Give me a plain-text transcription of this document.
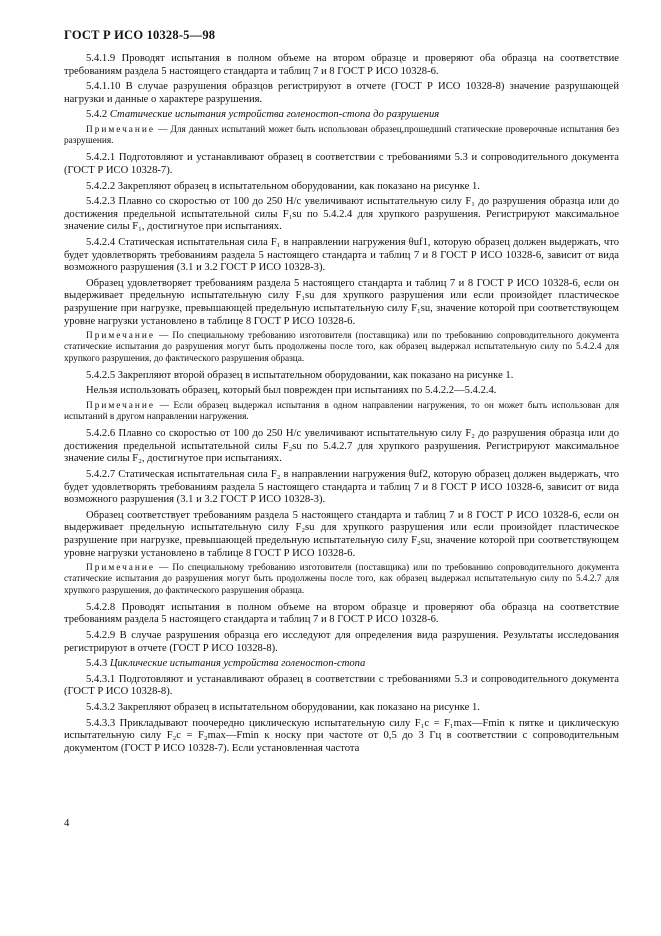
ГОСТ Р ИСО 10328-5—98

5.4.1.9 Проводят испытания в полном объеме на втором образце и проверяют оба образца на соответствие требованиям раздела 5 настоящего стандарта и таблиц 7 и 8 ГОСТ Р ИСО 10328-6.

5.4.1.10 В случае разрушения образцов регистрируют в отчете (ГОСТ Р ИСО 10328-8) значение разрушающей нагрузки и данные о характере разрушения.

5.4.2 Статические испытания устройства голеностоп-стопа до разрушения

Примечание — Для данных испытаний может быть использован образец,прошедший статические проверочные испытания без разрушения.

5.4.2.1 Подготовляют и устанавливают образец в соответствии с требованиями 5.3 и сопроводительного документа (ГОСТ Р ИСО 10328-7).

5.4.2.2 Закрепляют образец в испытательном оборудовании, как показано на рисунке 1.

5.4.2.3 Плавно со скоростью от 100 до 250 Н/с увеличивают испытательную силу F₁ до разрушения образца или до достижения предельной испытательной силы F₁su по 5.4.2.4 для хрупкого разрушения. Регистрируют максимальное значение силы F₁, достигнутое при испытаниях.

5.4.2.4 Статическая испытательная сила F₁ в направлении нагружения θuf1, которую образец должен выдержать, что будет удовлетворять требованиям раздела 5 настоящего стандарта и таблиц 7 и 8 ГОСТ Р ИСО 10328-6, зависит от вида возможного разрушения (3.1 и 3.2 ГОСТ Р ИСО 10328-3).

Образец удовлетворяет требованиям раздела 5 настоящего стандарта и таблиц 7 и 8 ГОСТ Р ИСО 10328-6, если он выдерживает предельную испытательную силу F₁su для хрупкого разрушения или если произойдет пластическое разрушение при нагрузке, превышающей предельную испытательную силу F₁su, значение которой при соответствующем уровне нагрузки установлено в таблице 8 ГОСТ Р ИСО 10328-6.

Примечание — По специальному требованию изготовителя (поставщика) или по требованию сопроводительного документа статические испытания до разрушения могут быть продолжены после того, как образец выдержал испытательную силу по 5.4.2.4 для хрупкого разрушения, до фактического разрушения образца.

5.4.2.5 Закрепляют второй образец в испытательном оборудовании, как показано на рисунке 1.

Нельзя использовать образец, который был поврежден при испытаниях по 5.4.2.2—5.4.2.4.

Примечание — Если образец выдержал испытания в одном направлении нагружения, то он может быть использован для испытаний в другом направлении нагружения.

5.4.2.6 Плавно со скоростью от 100 до 250 Н/с увеличивают испытательную силу F₂ до разрушения образца или до достижения предельной испытательной силы F₂su по 5.4.2.7 для хрупкого разрушения. Регистрируют максимальное значение силы F₂, достигнутое при испытаниях.

5.4.2.7 Статическая испытательная сила F₂ в направлении нагружения θuf2, которую образец должен выдержать, что будет удовлетворять требованиям раздела 5 настоящего стандарта и таблиц 7 и 8 ГОСТ Р ИСО 10328-6, зависит от вида возможного разрушения (3.1 и 3.2 ГОСТ Р ИСО 10328-3).

Образец соответствует требованиям раздела 5 настоящего стандарта и таблиц 7 и 8 ГОСТ Р ИСО 10328-6, если он выдерживает предельную испытательную силу F₂su для хрупкого разрушения или если произойдет пластическое разрушение при нагрузке, превышающей предельную испытательную силу F₂su, значение которой при соответствующем уровне нагрузки установлено в таблице 8 ГОСТ Р ИСО 10328-6.

Примечание — По специальному требованию изготовителя (поставщика) или по требованию сопроводительного документа статические испытания до разрушения могут быть продолжены после того, как образец выдержал испытательную силу по 5.4.2.7 для хрупкого разрушения, до фактического разрушения образца.

5.4.2.8 Проводят испытания в полном объеме на втором образце и проверяют оба образца на соответствие требованиям раздела 5 настоящего стандарта и таблиц 7 и 8 ГОСТ Р ИСО 10328-6.

5.4.2.9 В случае разрушения образца его исследуют для определения вида разрушения. Результаты исследования регистрируют в отчете (ГОСТ Р ИСО 10328-8).

5.4.3 Циклические испытания устройства голеностоп-стопа

5.4.3.1 Подготовляют и устанавливают образец в соответствии с требованиями 5.3 и сопроводительного документа (ГОСТ Р ИСО 10328-8).

5.4.3.2 Закрепляют образец в испытательном оборудовании, как показано на рисунке 1.

5.4.3.3 Прикладывают поочередно циклическую испытательную силу F₁c = F₁max—Fmin к пятке и циклическую испытательную силу F₂c = F₂max—Fmin к носку при частоте от 0,5 до 3 Гц в соответствии с сопроводительным документом (ГОСТ Р ИСО 10328-7). Если установленная частота

4
